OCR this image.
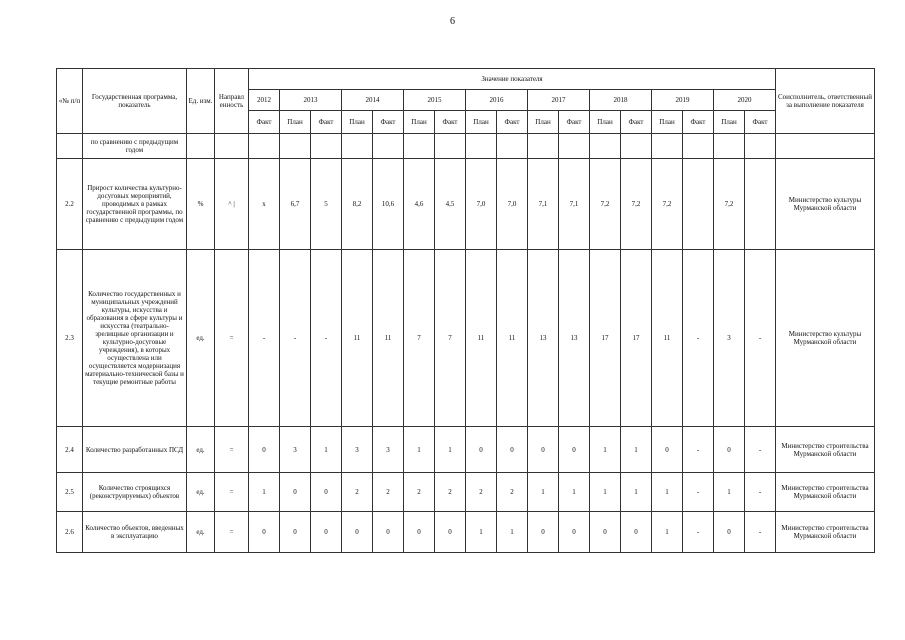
6
«№ п/п	Государственная программа, показатель	Ед. изм.	Направл енность	Значение показателя																	Соисполнитель, ответственный за выполнение показателя
				2012	2013		2014		2015		2016		2017		2018		2019		2020		
				Факт	План	Факт	План	Факт	План	Факт	План	Факт	План	Факт	План	Факт	План	Факт	План	Факт	
	по сравнению с предыдущим годом																				
2.2	Прирост количества культурно-досуговых мероприятий, проводимых в рамках государственной программы, по сравнению с предыдущим годом	%	^ |	х	6,7	5	8,2	10,6	4,6	4,5	7,0	7,0	7,1	7,1	7,2	7,2	7,2		7,2		Министерство культуры Мурманской области
2.3	Количество государственных и муниципальных учреждений культуры, искусства и образования в сфере культуры и искусства (театрально-зрелищные организации и культурно-досуговые учреждения), в которых осуществлена или осуществляется модернизация материально-технической базы и текущие ремонтные работы	ед.	=	-	-	-	11	11	7	7	11	11	13	13	17	17	11	-	3	-	Министерство культуры Мурманской области
2.4	Количество разработанных ПСД	ед.	=	0	3	1	3	3	1	1	0	0	0	0	1	1	0	-	0	-	Министерство строительства Мурманской области
2.5	Количество строящихся (реконструируемых) объектов	ед.	=	1	0	0	2	2	2	2	2	2	1	1	1	1	1	-	1	-	Министерство строительства Мурманской области
2.6	Количество объектов, введенных в эксплуатацию	ед.	=	0	0	0	0	0	0	0	1	1	0	0	0	0	1	-	0	-	Министерство строительства Мурманской области
